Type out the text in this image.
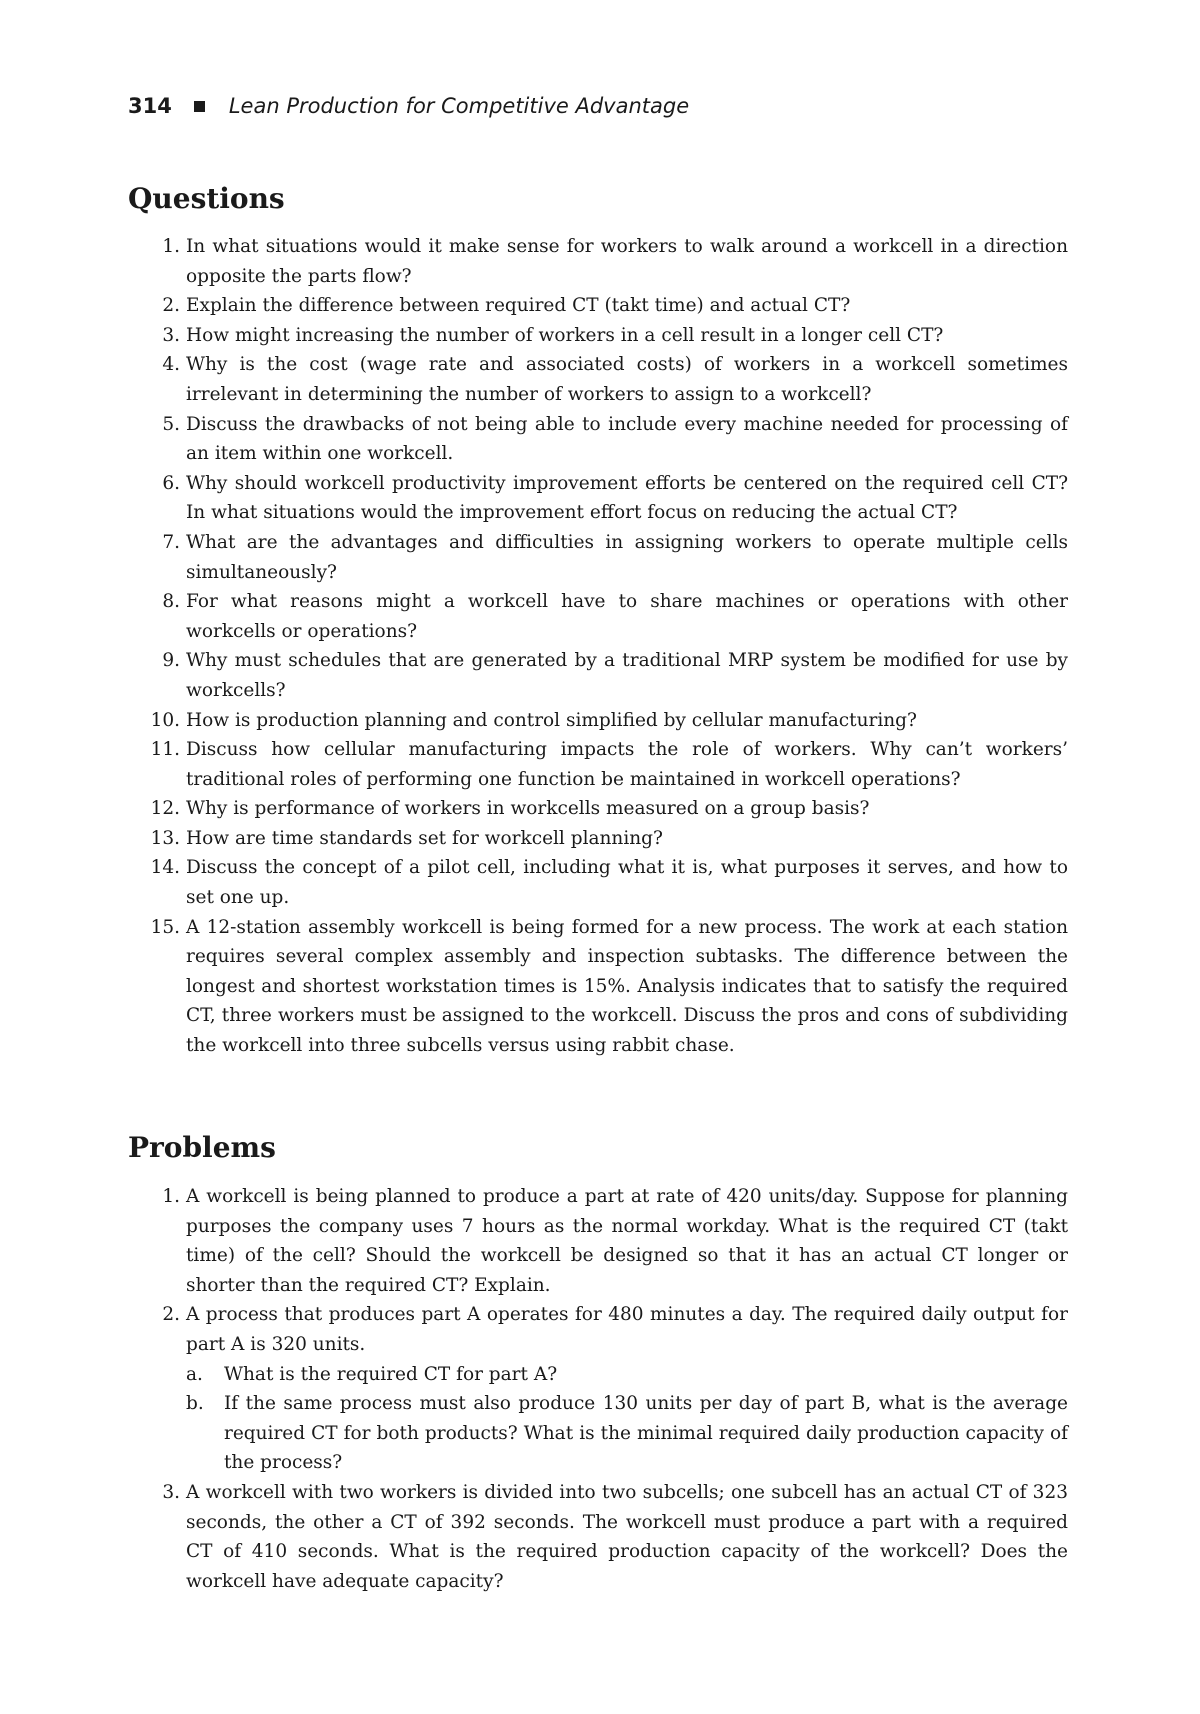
314	Lean Production for Competitive Advantage
Questions
1. In what situations would it make sense for workers to walk around a workcell in a direction opposite the parts flow?
2. Explain the difference between required CT (takt time) and actual CT?
3. How might increasing the number of workers in a cell result in a longer cell CT?
4. Why is the cost (wage rate and associated costs) of workers in a workcell sometimes irrelevant in determining the number of workers to assign to a workcell?
5. Discuss the drawbacks of not being able to include every machine needed for processing of an item within one workcell.
6. Why should workcell productivity improvement efforts be centered on the required cell CT? In what situations would the improvement effort focus on reducing the actual CT?
7. What are the advantages and difficulties in assigning workers to operate multiple cells simultaneously?
8. For what reasons might a workcell have to share machines or operations with other workcells or operations?
9. Why must schedules that are generated by a traditional MRP system be modified for use by workcells?
10. How is production planning and control simplified by cellular manufacturing?
11. Discuss how cellular manufacturing impacts the role of workers. Why can’t workers’ traditional roles of performing one function be maintained in workcell operations?
12. Why is performance of workers in workcells measured on a group basis?
13. How are time standards set for workcell planning?
14. Discuss the concept of a pilot cell, including what it is, what purposes it serves, and how to set one up.
15. A 12-station assembly workcell is being formed for a new process. The work at each station requires several complex assembly and inspection subtasks. The difference between the longest and shortest workstation times is 15%. Analysis indicates that to satisfy the required CT, three workers must be assigned to the workcell. Discuss the pros and cons of subdividing the workcell into three subcells versus using rabbit chase.
Problems
1. A workcell is being planned to produce a part at rate of 420 units/day. Suppose for planning purposes the company uses 7 hours as the normal workday. What is the required CT (takt time) of the cell? Should the workcell be designed so that it has an actual CT longer or shorter than the required CT? Explain.
2. A process that produces part A operates for 480 minutes a day. The required daily output for part A is 320 units.
a.	What is the required CT for part A?
b.	If the same process must also produce 130 units per day of part B, what is the average required CT for both products? What is the minimal required daily production capacity of the process?
3. A workcell with two workers is divided into two subcells; one subcell has an actual CT of 323 seconds, the other a CT of 392 seconds. The workcell must produce a part with a required CT of 410 seconds. What is the required production capacity of the workcell? Does the workcell have adequate capacity?
